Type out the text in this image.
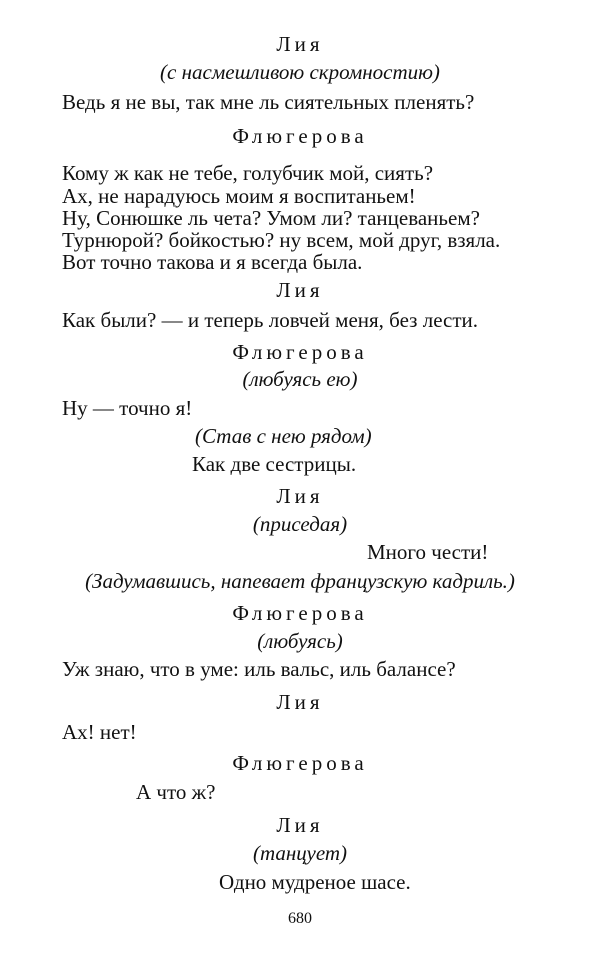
Лия
(с насмешливою скромностию)
Ведь я не вы, так мне ль сиятельных пленять?
Флюгерова
Кому ж как не тебе, голубчик мой, сиять?
Ах, не нарадуюсь моим я воспитаньем!
Ну, Сонюшке ль чета? Умом ли? танцеваньем?
Турнюрой? бойкостью? ну всем, мой друг, взяла.
Вот точно такова и я всегда была.
Лия
Как были? — и теперь ловчей меня, без лести.
Флюгерова
(любуясь ею)
Ну — точно я!
(Став с нею рядом)
Как две сестрицы.
Лия
(приседая)
Много чести!
(Задумавшись, напевает французскую кадриль.)
Флюгерова
(любуясь)
Уж знаю, что в уме: иль вальс, иль балансе?
Лия
Ах! нет!
Флюгерова
А что ж?
Лия
(танцует)
Одно мудреное шасе.
680
